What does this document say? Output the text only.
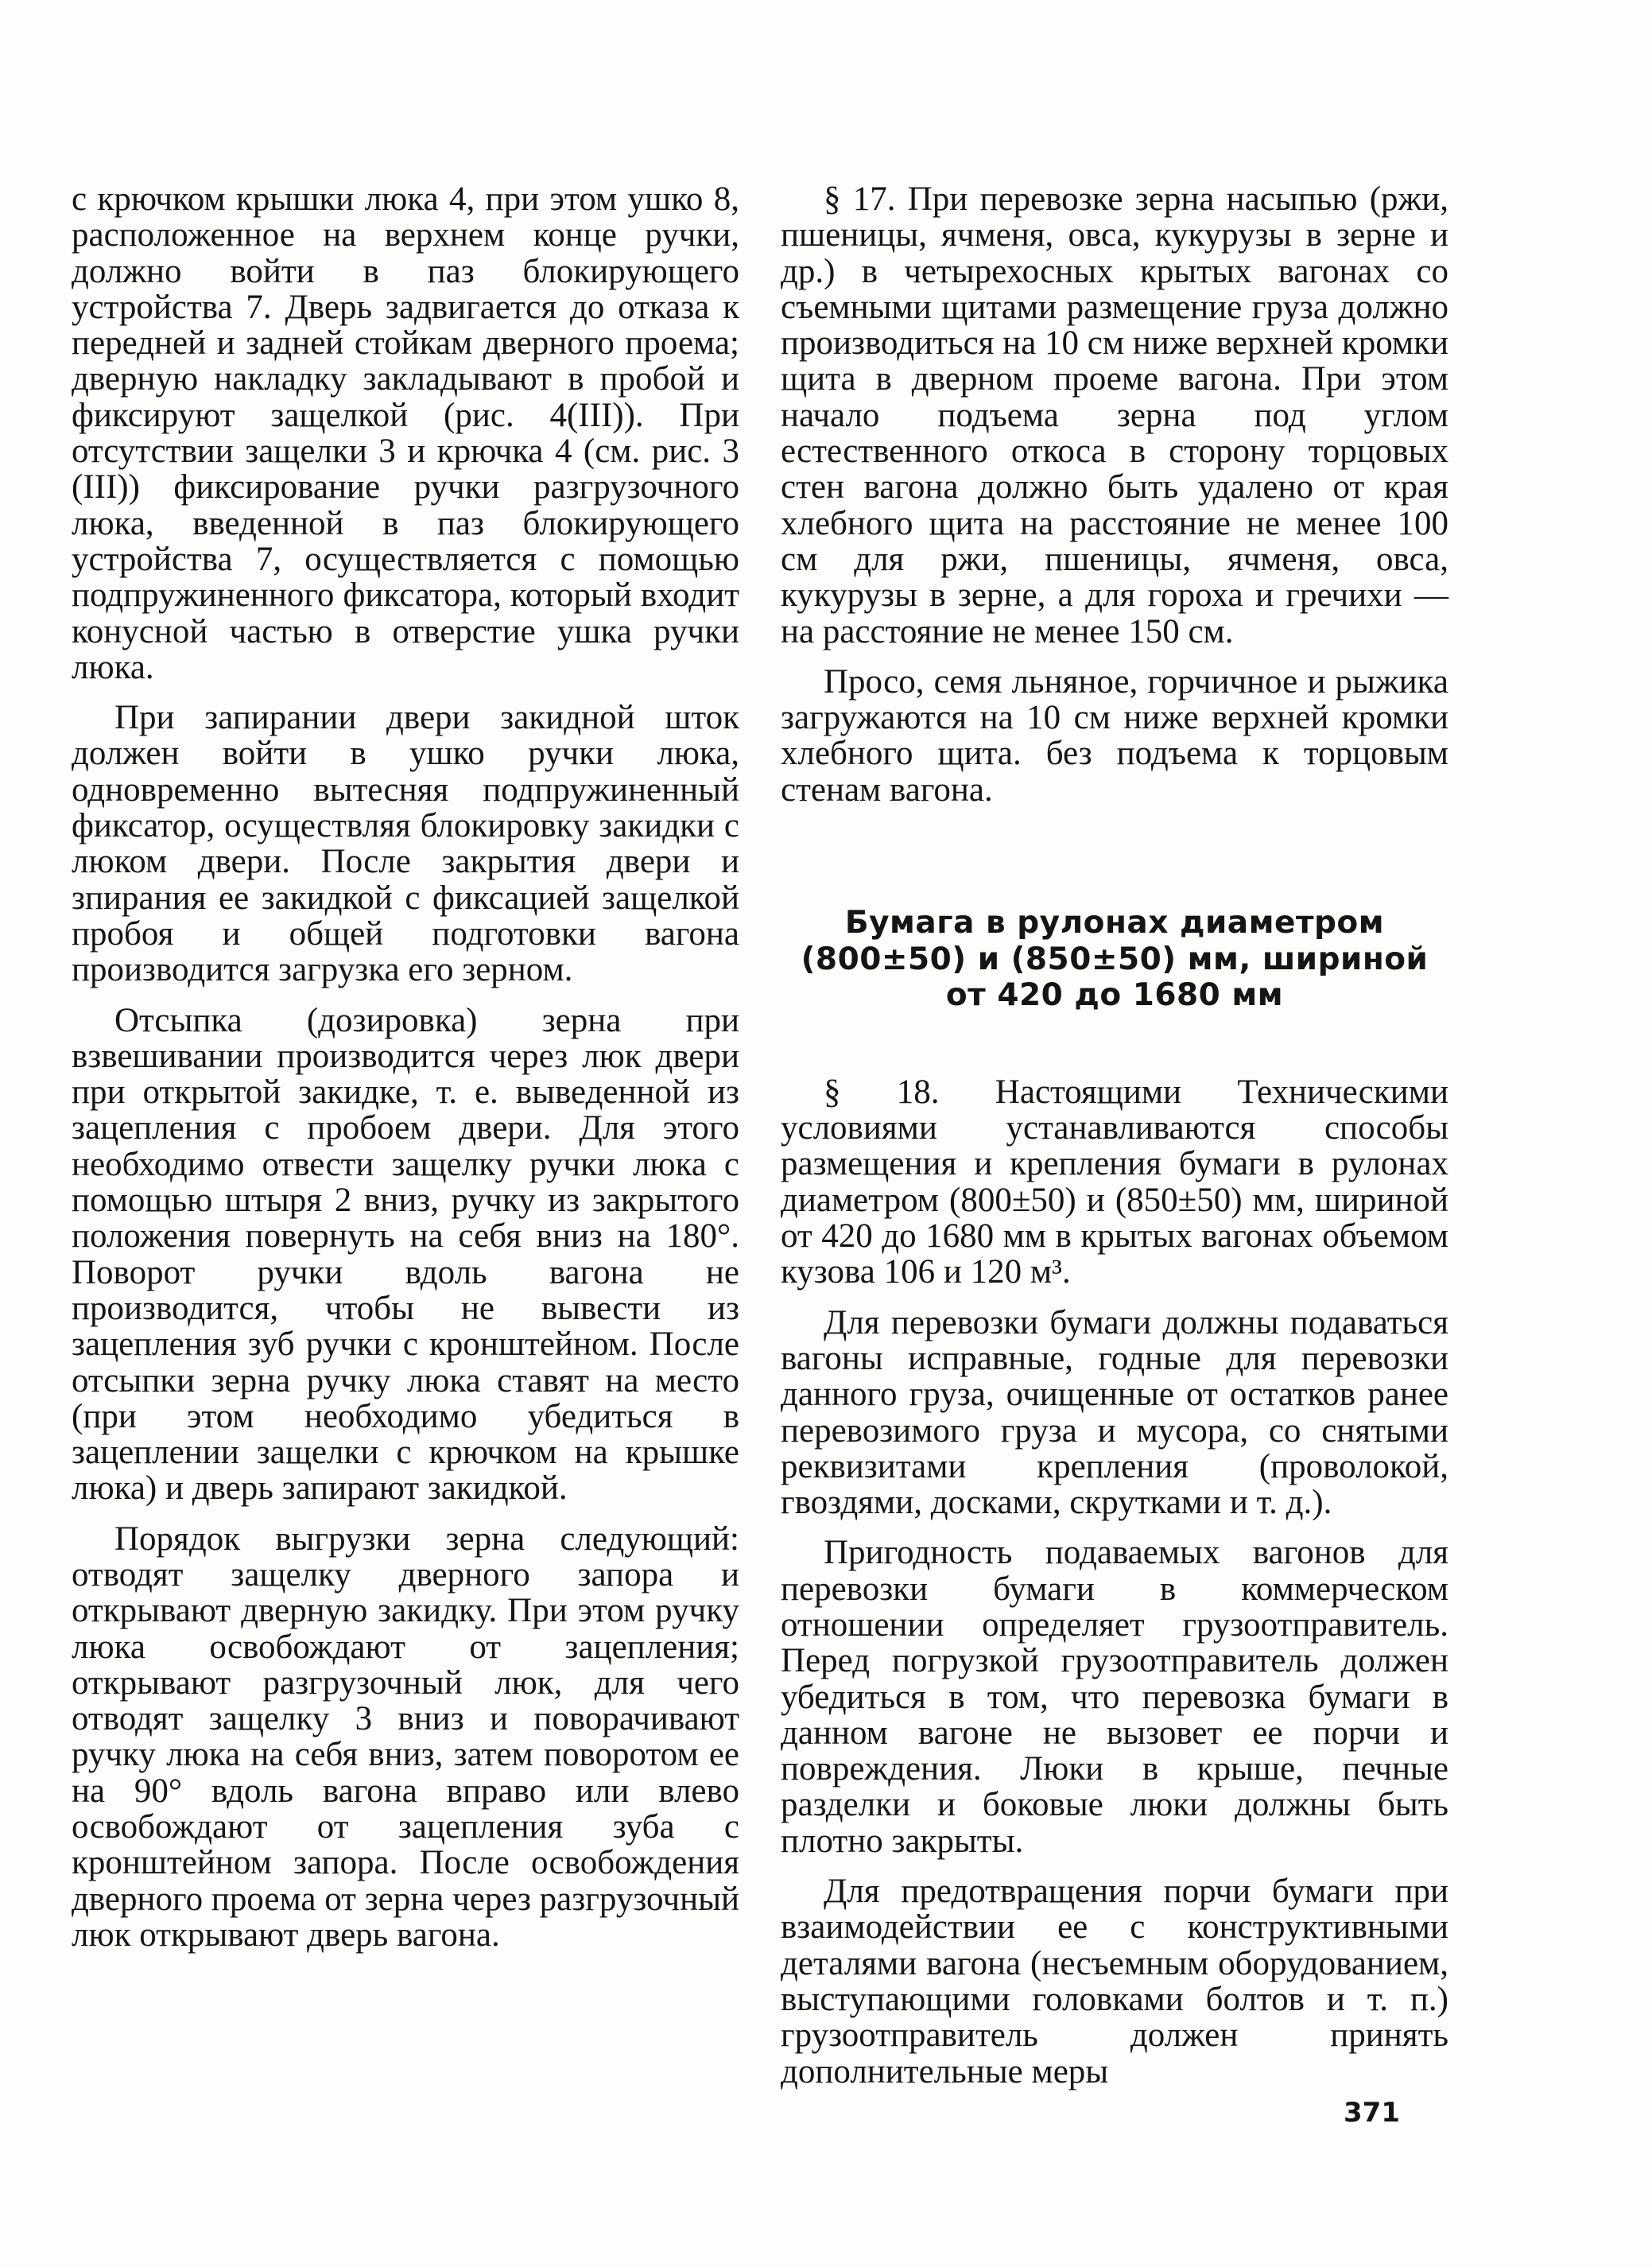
с крючком крышки люка 4, при этом ушко 8, расположенное на верхнем конце ручки, должно войти в паз блокирующего устройства 7. Дверь задвигается до отказа к передней и задней стойкам дверного проема; дверную накладку закладывают в пробой и фиксируют защелкой (рис. 4(III)). При отсутствии защелки 3 и крючка 4 (см. рис. 3 (III)) фиксирование ручки разгрузочного люка, введенной в паз блокирующего устройства 7, осуществляется с помощью подпружиненного фиксатора, который входит конусной частью в отверстие ушка ручки люка.

При запирании двери закидной шток должен войти в ушко ручки люка, одновременно вытесняя подпружиненный фиксатор, осуществляя блокировку закидки с люком двери. После закрытия двери и зпирания ее закидкой с фиксацией защелкой пробоя и общей подготовки вагона производится загрузка его зерном.

Отсыпка (дозировка) зерна при взвешивании производится через люк двери при открытой закидке, т. е. выведенной из зацепления с пробоем двери. Для этого необходимо отвести защелку ручки люка с помощью штыря 2 вниз, ручку из закрытого положения повернуть на себя вниз на 180°. Поворот ручки вдоль вагона не производится, чтобы не вывести из зацепления зуб ручки с кронштейном. После отсыпки зерна ручку люка ставят на место (при этом необходимо убедиться в зацеплении защелки с крючком на крышке люка) и дверь запирают закидкой.

Порядок выгрузки зерна следующий: отводят защелку дверного запора и открывают дверную закидку. При этом ручку люка освобождают от зацепления; открывают разгрузочный люк, для чего отводят защелку 3 вниз и поворачивают ручку люка на себя вниз, затем поворотом ее на 90° вдоль вагона вправо или влево освобождают от зацепления зуба с кронштейном запора. После освобождения дверного проема от зерна через разгрузочный люк открывают дверь вагона.

§ 17. При перевозке зерна насыпью (ржи, пшеницы, ячменя, овса, кукурузы в зерне и др.) в четырехосных крытых вагонах со съемными щитами размещение груза должно производиться на 10 см ниже верхней кромки щита в дверном проеме вагона. При этом начало подъема зерна под углом естественного откоса в сторону торцовых стен вагона должно быть удалено от края хлебного щита на расстояние не менее 100 см для ржи, пшеницы, ячменя, овса, кукурузы в зерне, а для гороха и гречихи — на расстояние не менее 150 см.

Просо, семя льняное, горчичное и рыжика загружаются на 10 см ниже верхней кромки хлебного щита. без подъема к торцовым стенам вагона.

Бумага в рулонах диаметром
(800±50) и (850±50) мм, шириной
от 420 до 1680 мм

§ 18. Настоящими Техническими условиями устанавливаются способы размещения и крепления бумаги в рулонах диаметром (800±50) и (850±50) мм, шириной от 420 до 1680 мм в крытых вагонах объемом кузова 106 и 120 м³.

Для перевозки бумаги должны подаваться вагоны исправные, годные для перевозки данного груза, очищенные от остатков ранее перевозимого груза и мусора, со снятыми реквизитами крепления (проволокой, гвоздями, досками, скрутками и т. д.).

Пригодность подаваемых вагонов для перевозки бумаги в коммерческом отношении определяет грузоотправитель. Перед погрузкой грузоотправитель должен убедиться в том, что перевозка бумаги в данном вагоне не вызовет ее порчи и повреждения. Люки в крыше, печные разделки и боковые люки должны быть плотно закрыты.

Для предотвращения порчи бумаги при взаимодействии ее с конструктивными деталями вагона (несъемным оборудованием, выступающими головками болтов и т. п.) грузоотправитель должен принять дополнительные меры

371
